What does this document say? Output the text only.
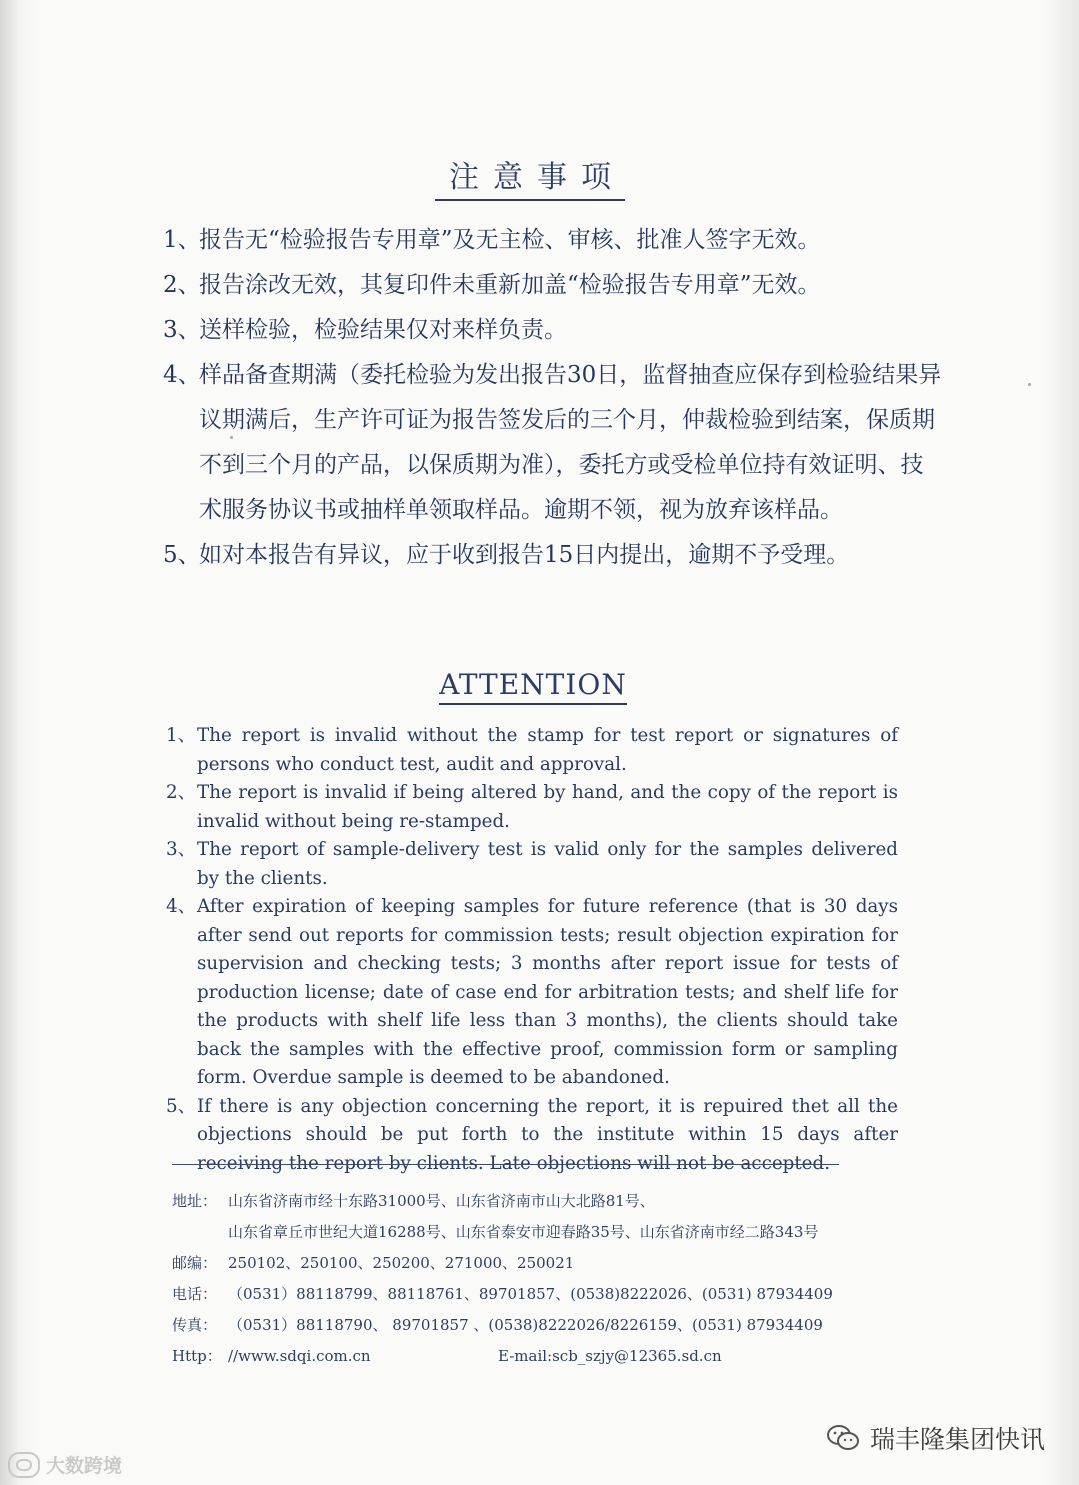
注意事项
1、
报告无“检验报告专用章”及无主检、审核、批准人签字无效。
2、
报告涂改无效，其复印件未重新加盖“检验报告专用章”无效。
3、
送样检验，检验结果仅对来样负责。
4、
样品备查期满（委托检验为发出报告30日，监督抽查应保存到检验结果异议期满后，生产许可证为报告签发后的三个月，仲裁检验到结案，保质期不到三个月的产品，以保质期为准），委托方或受检单位持有效证明、技术服务协议书或抽样单领取样品。逾期不领，视为放弃该样品。
5、
如对本报告有异议，应于收到报告15日内提出，逾期不予受理。
ATTENTION
1、 The report is invalid without the stamp for test report or signatures of persons who conduct test, audit and approval.
2、 The report is invalid if being altered by hand, and the copy of the report is invalid without being re-stamped.
3、 The report of sample-delivery test is valid only for the samples delivered by the clients.
4、 After expiration of keeping samples for future reference (that is 30 days after send out reports for commission tests; result objection expiration for supervision and checking tests; 3 months after report issue for tests of production license; date of case end for arbitration tests; and shelf life for the products with shelf life less than 3 months), the clients should take back the samples with the effective proof, commission form or sampling form. Overdue sample is deemed to be abandoned.
5、 If there is any objection concerning the report, it is repuired thet all the objections should be put forth to the institute within 15 days after receiving the report by clients. Late objections will not be accepted.
地址： 山东省济南市经十东路31000号、山东省济南市山大北路81号、
山东省章丘市世纪大道16288号、山东省泰安市迎春路35号、山东省济南市经二路343号
邮编： 250102、250100、250200、271000、250021
电话： （0531）88118799、88118761、89701857、(0538)8222026、(0531) 87934409
传真： （0531）88118790、 89701857 、(0538)8222026/8226159、(0531) 87934409
Http： //www.sdqi.com.cn	E-mail:scb_szjy@12365.sd.cn
大数跨境
瑞丰隆集团快讯
